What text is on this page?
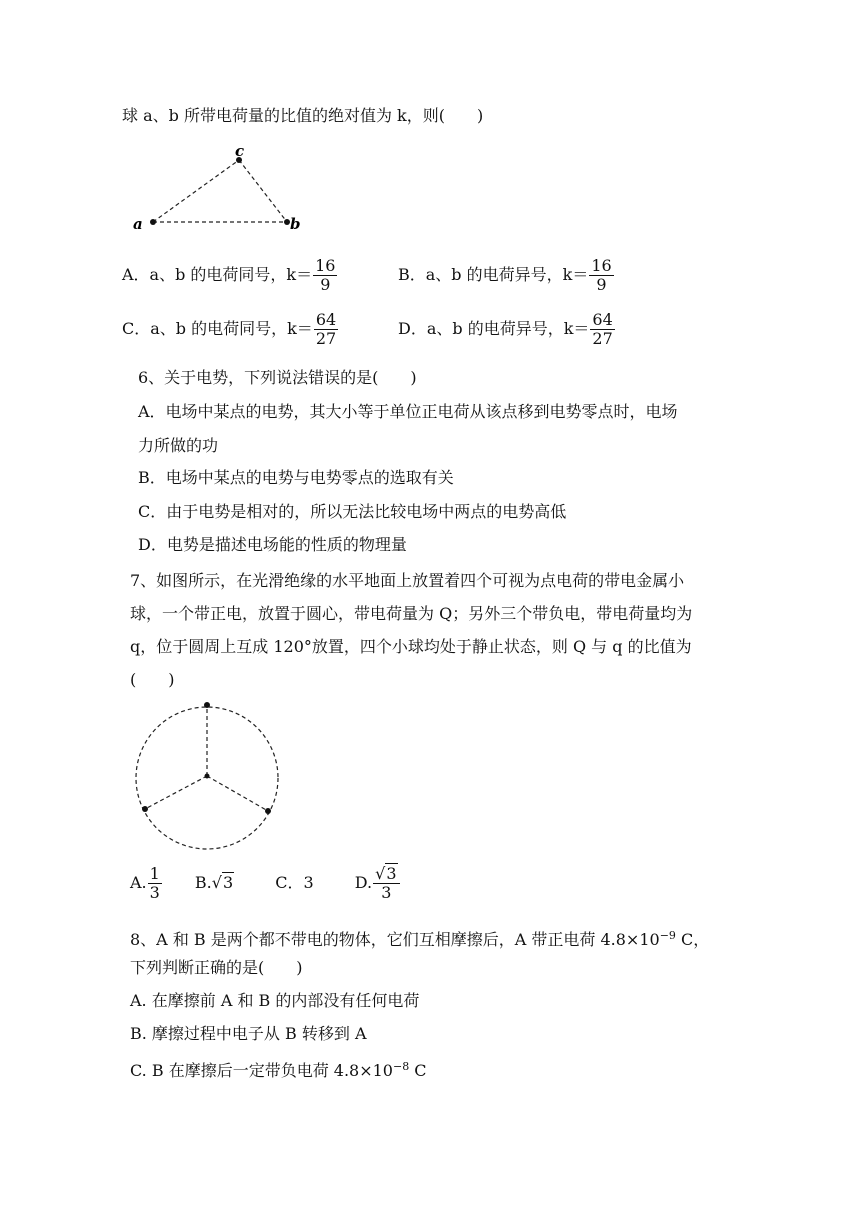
球 a、b 所带电荷量的比值的绝对值为 k，则(　　)
a
c
b
A．a、b 的电荷同号，$k= \frac{16}{9}$	B．a、b 的电荷异号，$k= \frac{16}{9}$
C．a、b 的电荷同号，$k= \frac{64}{27}$	D．a、b 的电荷异号，$k= \frac{64}{27}$
6、关于电势，下列说法错误的是(　　)
A．电场中某点的电势，其大小等于单位正电荷从该点移到电势零点时，电场
力所做的功
B．电场中某点的电势与电势零点的选取有关
C．由于电势是相对的，所以无法比较电场中两点的电势高低
D．电势是描述电场能的性质的物理量
7、如图所示，在光滑绝缘的水平地面上放置着四个可视为点电荷的带电金属小
球，一个带正电，放置于圆心，带电荷量为 Q；另外三个带负电，带电荷量均为
q，位于圆周上互成 120°放置，四个小球均处于静止状态，则 Q 与 q 的比值为
(　　)
A. $\frac{1}{3} B.√3$	C．3	D. $\frac{√3}{3}$
8、A 和 B 是两个都不带电的物体，它们互相摩擦后，A 带正电荷 $4.8\times 10^{-9}$ C，
下列判断正确的是(　　)
A. 在摩擦前 A 和 B 的内部没有任何电荷
B. 摩擦过程中电子从 B 转移到 A
C. B 在摩擦后一定带负电荷 $4.8\times 10^{-8}$ C
